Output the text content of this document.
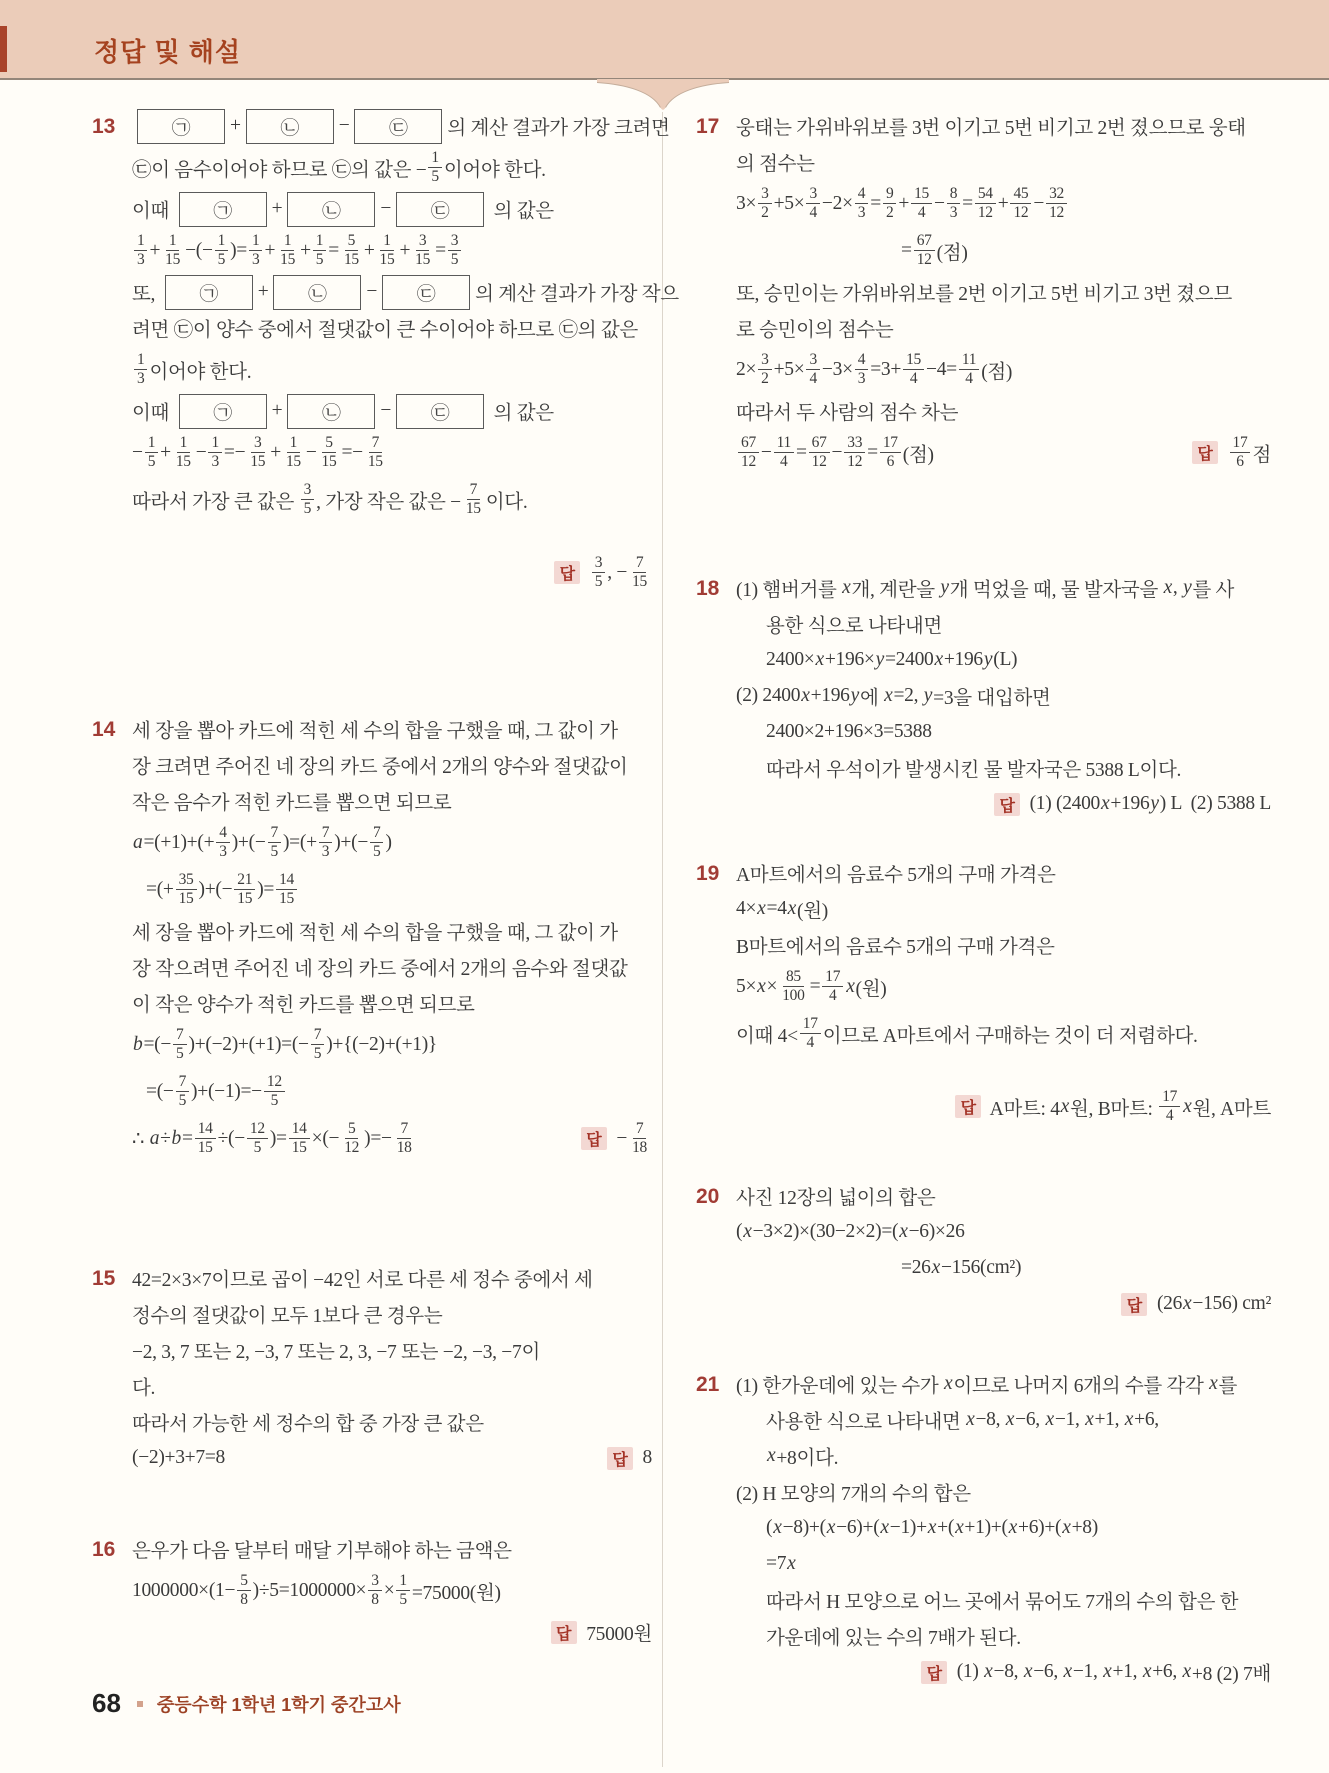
정답 및 해설
13	㉠	+	㉡	−	㉢	의 계산 결과가 가장 크려면
㉢이 음수이어야 하므로 ㉢의 값은 − $\frac{1}{5}$ 이어야 한다.
이때	㉠	+	㉡	−	㉢	의 값은
$\frac{1}{3} + \frac{1}{15}$ −(− $\frac{1}{5}$ )= $\frac{1}{3} + \frac{1}{15} + \frac{1}{5} = \frac{5}{15} + \frac{1}{15} + \frac{3}{15} = \frac{3}{5}$
또,	㉠	+	㉡	−	㉢	의 계산 결과가 가장 작으
려면 ㉢이 양수 중에서 절댓값이 큰 수이어야 하므로 ㉢의 값은
$\frac{1}{3}$ 이어야 한다.
이때	㉠	+	㉡	−	㉢	의 값은
− $\frac{1}{5} + \frac{1}{15} - \frac{1}{3} =- \frac{3}{15} + \frac{1}{15} - \frac{5}{15} =- \frac{7}{15}$
따라서 가장 큰 값은 $\frac{3}{5}$ , 가장 작은 값은 − $\frac{7}{15}$ 이다.
답
	$\frac{3}{5}$ , − $\frac{7}{15}$
14 세 장을 뽑아 카드에 적힌 세 수의 합을 구했을 때, 그 값이 가
장 크려면 주어진 네 장의 카드 중에서 2개의 양수와 절댓값이
작은 음수가 적힌 카드를 뽑으면 되므로
$a =(+1)+(+ \frac{4}{3}$ )+(− $\frac{7}{5}$ )=(+ $\frac{7}{3}$ )+(− $\frac{7}{5}$ )
=(+ $\frac{35}{15}$ )+(− $\frac{21}{15}$ )= $\frac{14}{15}$
세 장을 뽑아 카드에 적힌 세 수의 합을 구했을 때, 그 값이 가
장 작으려면 주어진 네 장의 카드 중에서 2개의 음수와 절댓값
이 작은 양수가 적힌 카드를 뽑으면 되므로
b =(− $\frac{7}{5} )+(-2)+(+1)=(- \frac{7}{5} )+\{(-2)+(+1)\}$
=(− $\frac{7}{5} )+(-1)=- \frac{12}{5}$
∴ $a \div b = \frac{14}{15}$ ÷(− $\frac{12}{5}$ )= $\frac{14}{15}$ ×(− $\frac{5}{12}$ )=− $\frac{7}{18}$	답 − $\frac{7}{18}$
15 42=2×3×7이므로 곱이 −42인 서로 다른 세 정수 중에서 세
정수의 절댓값이 모두 1보다 큰 경우는
−2, 3, 7 또는 2, −3, 7 또는 2, 3, −7 또는 −2, −3, −7이
다.
따라서 가능한 세 정수의 합 중 가장 큰 값은
(−2)+3+7=8	답 8
16 은우가 다음 달부터 매달 기부해야 하는 금액은
$1000000\times(1- \frac{5}{8} )\div 5=1000000\times \frac{3}{8} \times \frac{1}{5} =75000$(원)
답 75000원
17 웅태는 가위바위보를 3번 이기고 5번 비기고 2번 졌으므로 웅태
의 점수는
$3\times \frac{3}{2} +5\times \frac{3}{4} -2\times \frac{4}{3} = \frac{9}{2} + \frac{15}{4} - \frac{8}{3} = \frac{54}{12} + \frac{45}{12} - \frac{32}{12}$
= $\frac{67}{12}$ (점)
또, 승민이는 가위바위보를 2번 이기고 5번 비기고 3번 졌으므
로 승민이의 점수는
$2\times \frac{3}{2} +5\times \frac{3}{4} -3\times \frac{4}{3} =3+ \frac{15}{4} -4= \frac{11}{4}$ (점)
따라서 두 사람의 점수 차는
$\frac{67}{12} - \frac{11}{4} = \frac{67}{12} - \frac{33}{12} = \frac{17}{6}$ (점)	답
	$\frac{17}{6}$ 점
18 (1) 햄버거를 x 개, 계란을 y 개 먹었을 때, 물 발자국을 x , y 를 사
용한 식으로 나타내면
2400× x +196× y =2400 x +196 y (L)
(2) 2400 x +196 y 에 x =2, y =3을 대입하면
2400×2+196×3=5388
따라서 우석이가 발생시킨 물 발자국은 5388 L이다.
답 (1) (2400 x +196 y ) L  (2) 5388 L
19 A마트에서의 음료수 5개의 구매 가격은
4× x =4 x (원)
B마트에서의 음료수 5개의 구매 가격은
$5\times x \times \frac{85}{100} = \frac{17}{4}$ x (원)
이때 $4< \frac{17}{4}$ 이므로 A마트에서 구매하는 것이 더 저렴하다.
답 A마트: 4 x 원, B마트: $\frac{17}{4}$ x 원, A마트
20 사진 12장의 넓이의 합은
( x −3×2)×(30−2×2)=( x −6)×26
=26 x −156(cm²)
답 (26 x −156) cm²
21 (1) 한가운데에 있는 수가 x 이므로 나머지 6개의 수를 각각 x 를
사용한 식으로 나타내면 x −8, x −6, x −1, x +1, x +6,
x +8이다.
(2) H 모양의 7개의 수의 합은
( x −8)+( x −6)+( x −1)+ x +( x +1)+( x +6)+( x +8)
=7 x
따라서 H 모양으로 어느 곳에서 묶어도 7개의 수의 합은 한
가운데에 있는 수의 7배가 된다.
답 (1) x −8, x −6, x −1, x +1, x +6, x +8 (2) 7배
68 중등수학 1학년 1학기 중간고사
